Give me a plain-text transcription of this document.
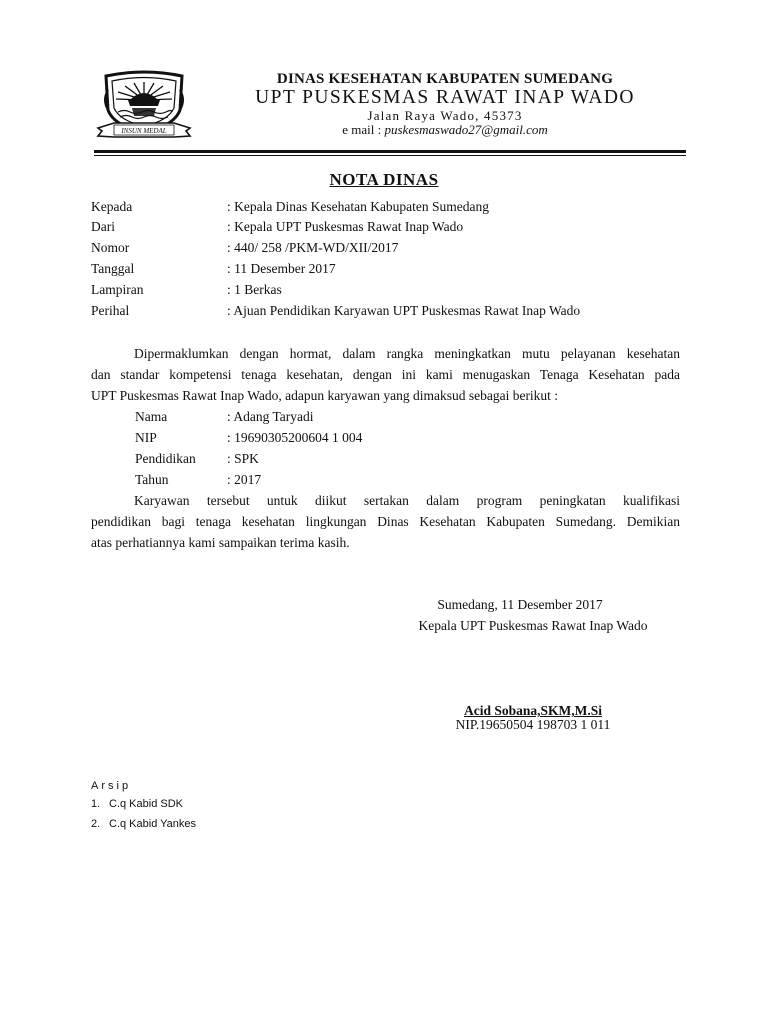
INSUN MEDAL
DINAS KESEHATAN KABUPATEN SUMEDANG
UPT PUSKESMAS RAWAT INAP WADO
Jalan Raya Wado, 45373
e mail : puskesmaswado27@gmail.com
NOTA DINAS
Kepada	: Kepala Dinas Kesehatan Kabupaten Sumedang
Dari	: Kepala UPT Puskesmas Rawat Inap Wado
Nomor	: 440/ 258 /PKM-WD/XII/2017
Tanggal	: 11 Desember 2017
Lampiran	: 1 Berkas
Perihal	: Ajuan Pendidikan Karyawan UPT Puskesmas Rawat Inap Wado
Dipermaklumkan dengan hormat, dalam rangka meningkatkan mutu pelayanan kesehatan
dan standar kompetensi tenaga kesehatan, dengan ini kami menugaskan Tenaga Kesehatan pada
UPT Puskesmas Rawat Inap Wado, adapun karyawan yang dimaksud sebagai berikut :
Nama	: Adang Taryadi
NIP	: 19690305200604 1 004
Pendidikan : SPK
Tahun	: 2017
Karyawan tersebut untuk diikut sertakan dalam program peningkatan kualifikasi
pendidikan bagi tenaga kesehatan lingkungan Dinas Kesehatan Kabupaten Sumedang. Demikian
atas perhatiannya kami sampaikan terima kasih.
Sumedang, 11 Desember 2017
Kepala UPT Puskesmas Rawat Inap Wado
Acid Sobana,SKM,M.Si
NIP.19650504 198703 1 011
Arsip
1. C.q Kabid SDK
2. C.q Kabid Yankes
